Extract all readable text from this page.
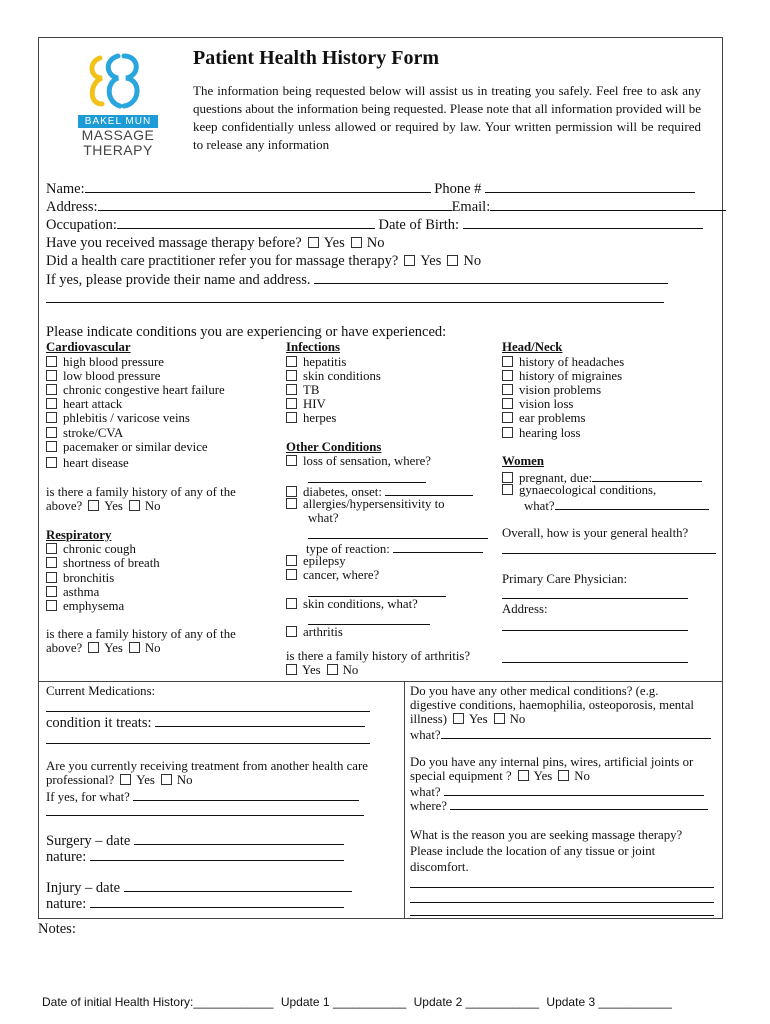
BAKEL MUN
MASSAGE
THERAPY
Patient Health History Form
The information being requested below will assist us in treating you safely. Feel free to ask any questions about the information being requested. Please note that all information provided will be keep confidentially unless allowed or required by law. Your written permission will be required to release any information
Name:	Phone #
Address:	Email:
Occupation:	Date of Birth:
Have you received massage therapy before? Yes No
Did a health care practitioner refer you for massage therapy? Yes No
If yes, please provide their name and address.
Please indicate conditions you are experiencing or have experienced:
Cardiovascular
high blood pressure
low blood pressure
chronic congestive heart failure
heart attack
phlebitis / varicose veins
stroke/CVA
pacemaker or similar device
heart disease
is there a family history of any of the
above? Yes No
Respiratory
chronic cough
shortness of breath
bronchitis
asthma
emphysema
is there a family history of any of the
above? Yes No
Infections
hepatitis
skin conditions
TB
HIV
herpes
Other Conditions
loss of sensation, where?
diabetes, onset:
allergies/hypersensitivity to
what?
type of reaction:
epilepsy
cancer, where?
skin conditions, what?
arthritis
is there a family history of arthritis?
Yes No
Head/Neck
history of headaches
history of migraines
vision problems
vision loss
ear problems
hearing loss
Women
pregnant, due:
gynaecological conditions,
what?
Overall, how is your general health?
Primary Care Physician:
Address:
Current Medications:
condition it treats:
Are you currently receiving treatment from another health care
professional? Yes No
If yes, for what?
Surgery – date
nature:
Injury – date
nature:
Do you have any other medical conditions? (e.g.
digestive conditions, haemophilia, osteoporosis, mental
illness) Yes No
what?
Do you have any internal pins, wires, artificial joints or
special equipment ? Yes No
what?
where?
What is the reason you are seeking massage therapy?
Please include the location of any tissue or joint
discomfort.
Notes:
Date of initial Health History:____________ Update 1 ___________ Update 2 ___________ Update 3 ___________
